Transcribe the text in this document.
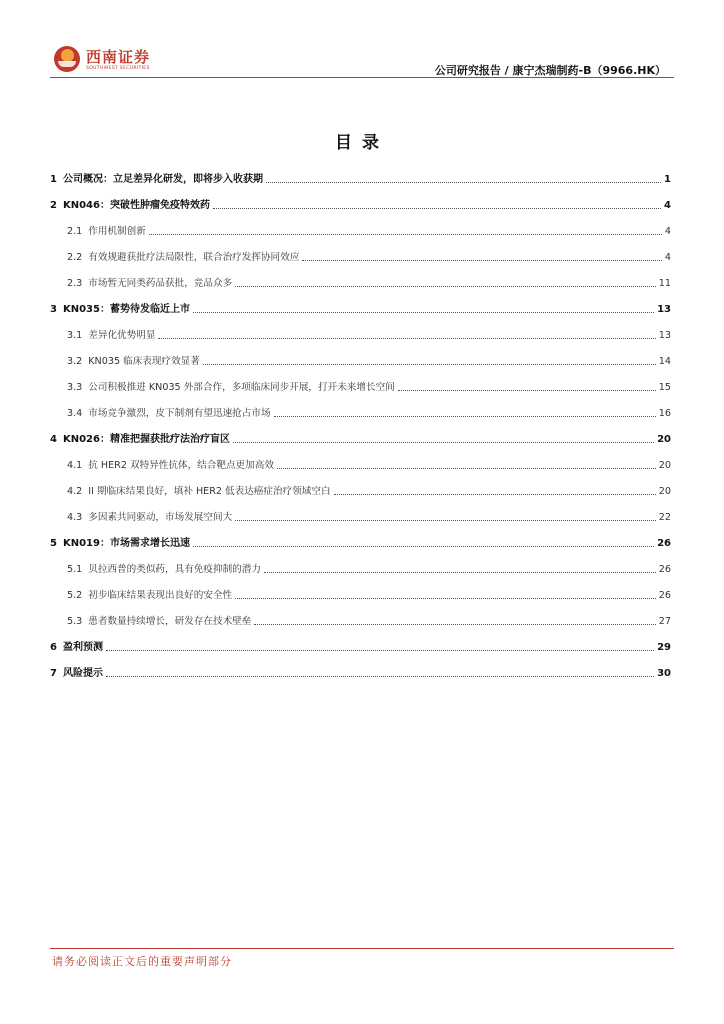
西南证券
SOUTHWEST SECURITIES	公司研究报告 / 康宁杰瑞制药-B（9966.HK）
目录
1 公司概况：立足差异化研发，即将步入收获期	1
2 KN046：突破性肿瘤免疫特效药	4
2.1 作用机制创新	4
2.2 有效规避获批疗法局限性，联合治疗发挥协同效应	4
2.3 市场暂无同类药品获批，竞品众多	11
3 KN035：蓄势待发临近上市	13
3.1 差异化优势明显	13
3.2 KN035 临床表现疗效显著	14
3.3 公司积极推进 KN035 外部合作，多项临床同步开展，打开未来增长空间	15
3.4 市场竞争激烈，皮下制剂有望迅速抢占市场	16
4 KN026：精准把握获批疗法治疗盲区	20
4.1 抗 HER2 双特异性抗体，结合靶点更加高效	20
4.2 II 期临床结果良好，填补 HER2 低表达癌症治疗领域空白	20
4.3 多因素共同驱动，市场发展空间大	22
5 KN019：市场需求增长迅速	26
5.1 贝拉西普的类似药，具有免疫抑制的潜力	26
5.2 初步临床结果表现出良好的安全性	26
5.3 患者数量持续增长，研发存在技术壁垒	27
6 盈利预测	29
7 风险提示	30
请务必阅读正文后的重要声明部分
